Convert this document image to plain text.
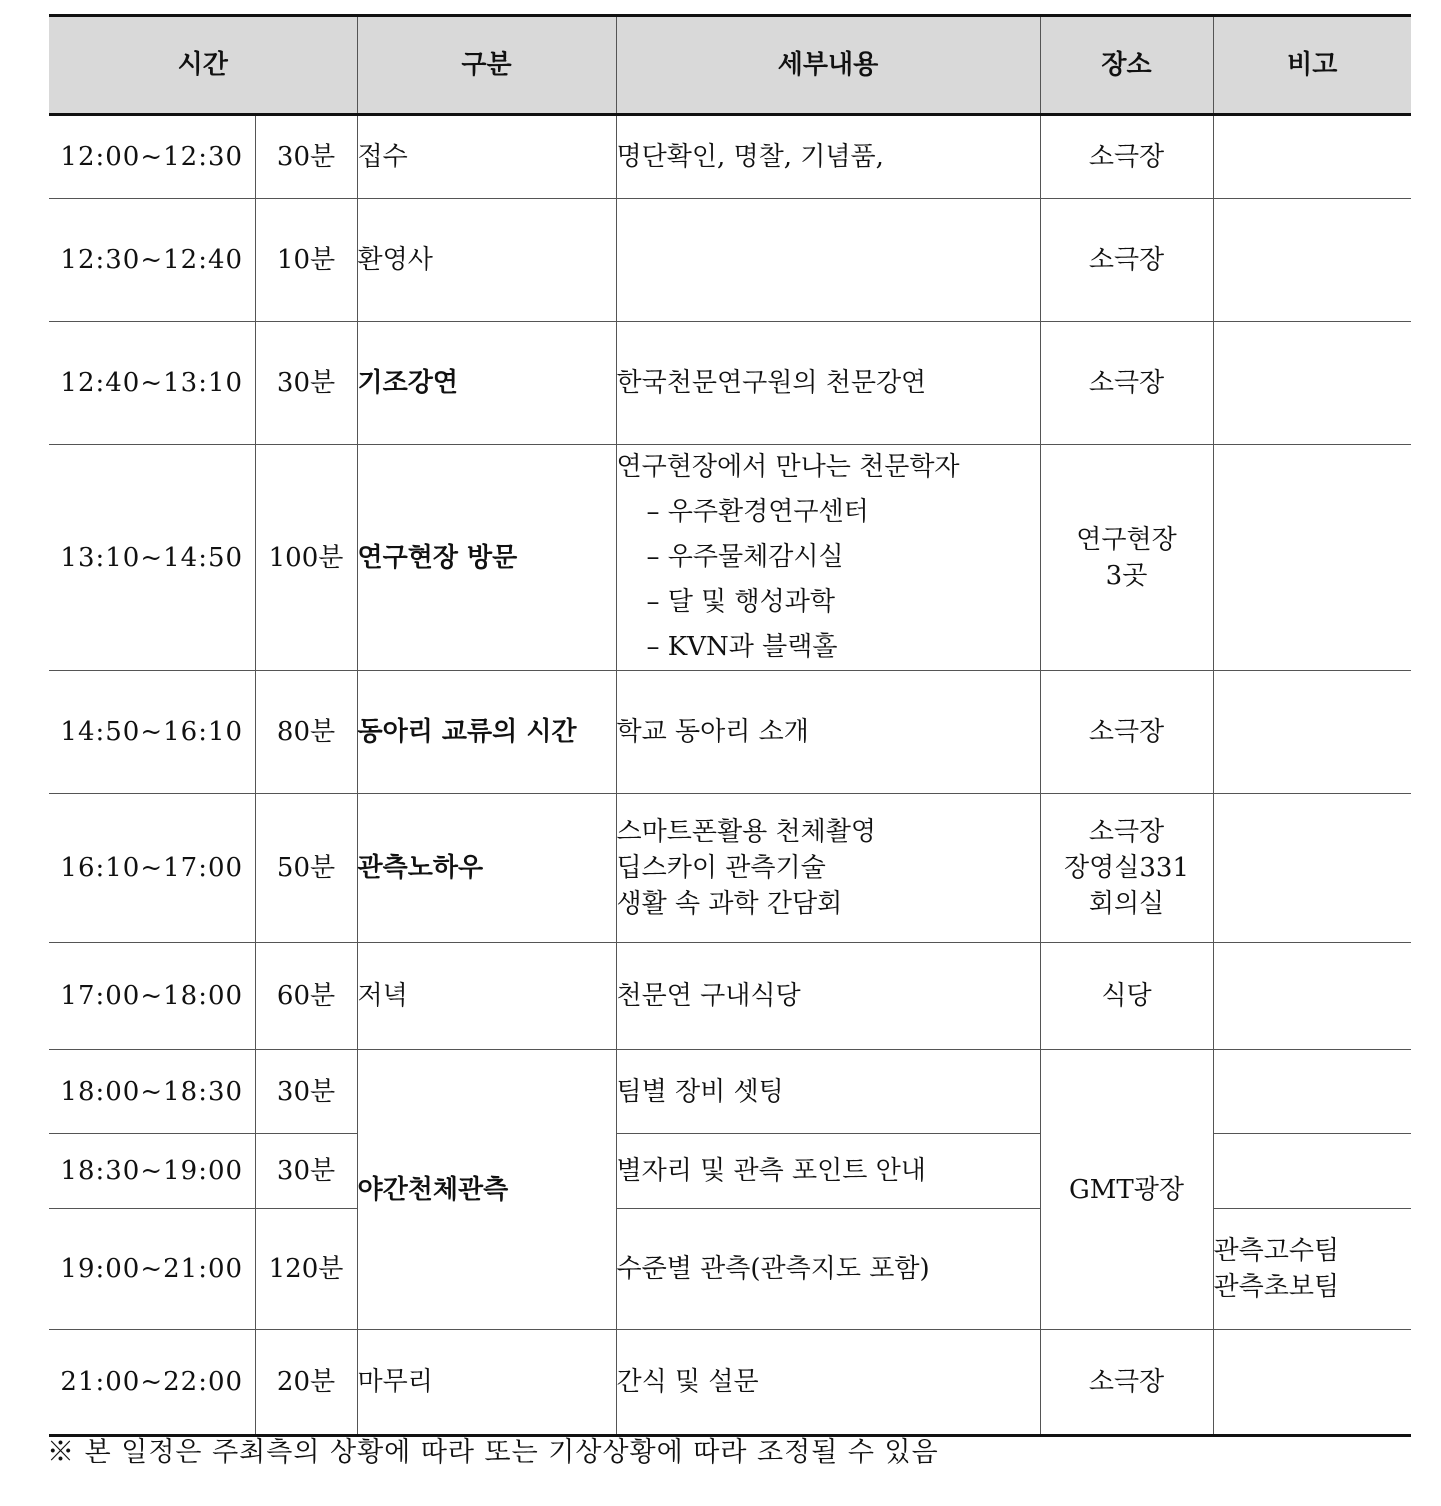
시간		구분	세부내용	장소	비고
12:00~12:30	30분	접수	명단확인, 명찰, 기념품,	소극장	
12:30~12:40	10분	환영사		소극장	
12:40~13:10	30분	기조강연	한국천문연구원의 천문강연	소극장	
13:10~14:50	100분	연구현장 방문	연구현장에서 만나는 천문학자
– 우주환경연구센터
– 우주물체감시실
– 달 및 행성과학
– KVN과 블랙홀	연구현장
3곳	

14:50~16:10	80분	동아리 교류의 시간	학교 동아리 소개	소극장	
16:10~17:00	50분	관측노하우	스마트폰활용 천체촬영
딥스카이 관측기술
생활 속 과학 간담회	소극장
장영실331
회의실	

17:00~18:00	60분	저녁	천문연 구내식당	식당	
18:00~18:30	30분	야간천체관측	팀별 장비 셋팅	GMT광장	
18:30~19:00	30분		별자리 및 관측 포인트 안내		
19:00~21:00	120분		수준별 관측(관측지도 포함)		관측고수팀
관측초보팀

21:00~22:00	20분	마무리	간식 및 설문	소극장	
※ 본 일정은 주최측의 상황에 따라 또는 기상상황에 따라 조정될 수 있음
